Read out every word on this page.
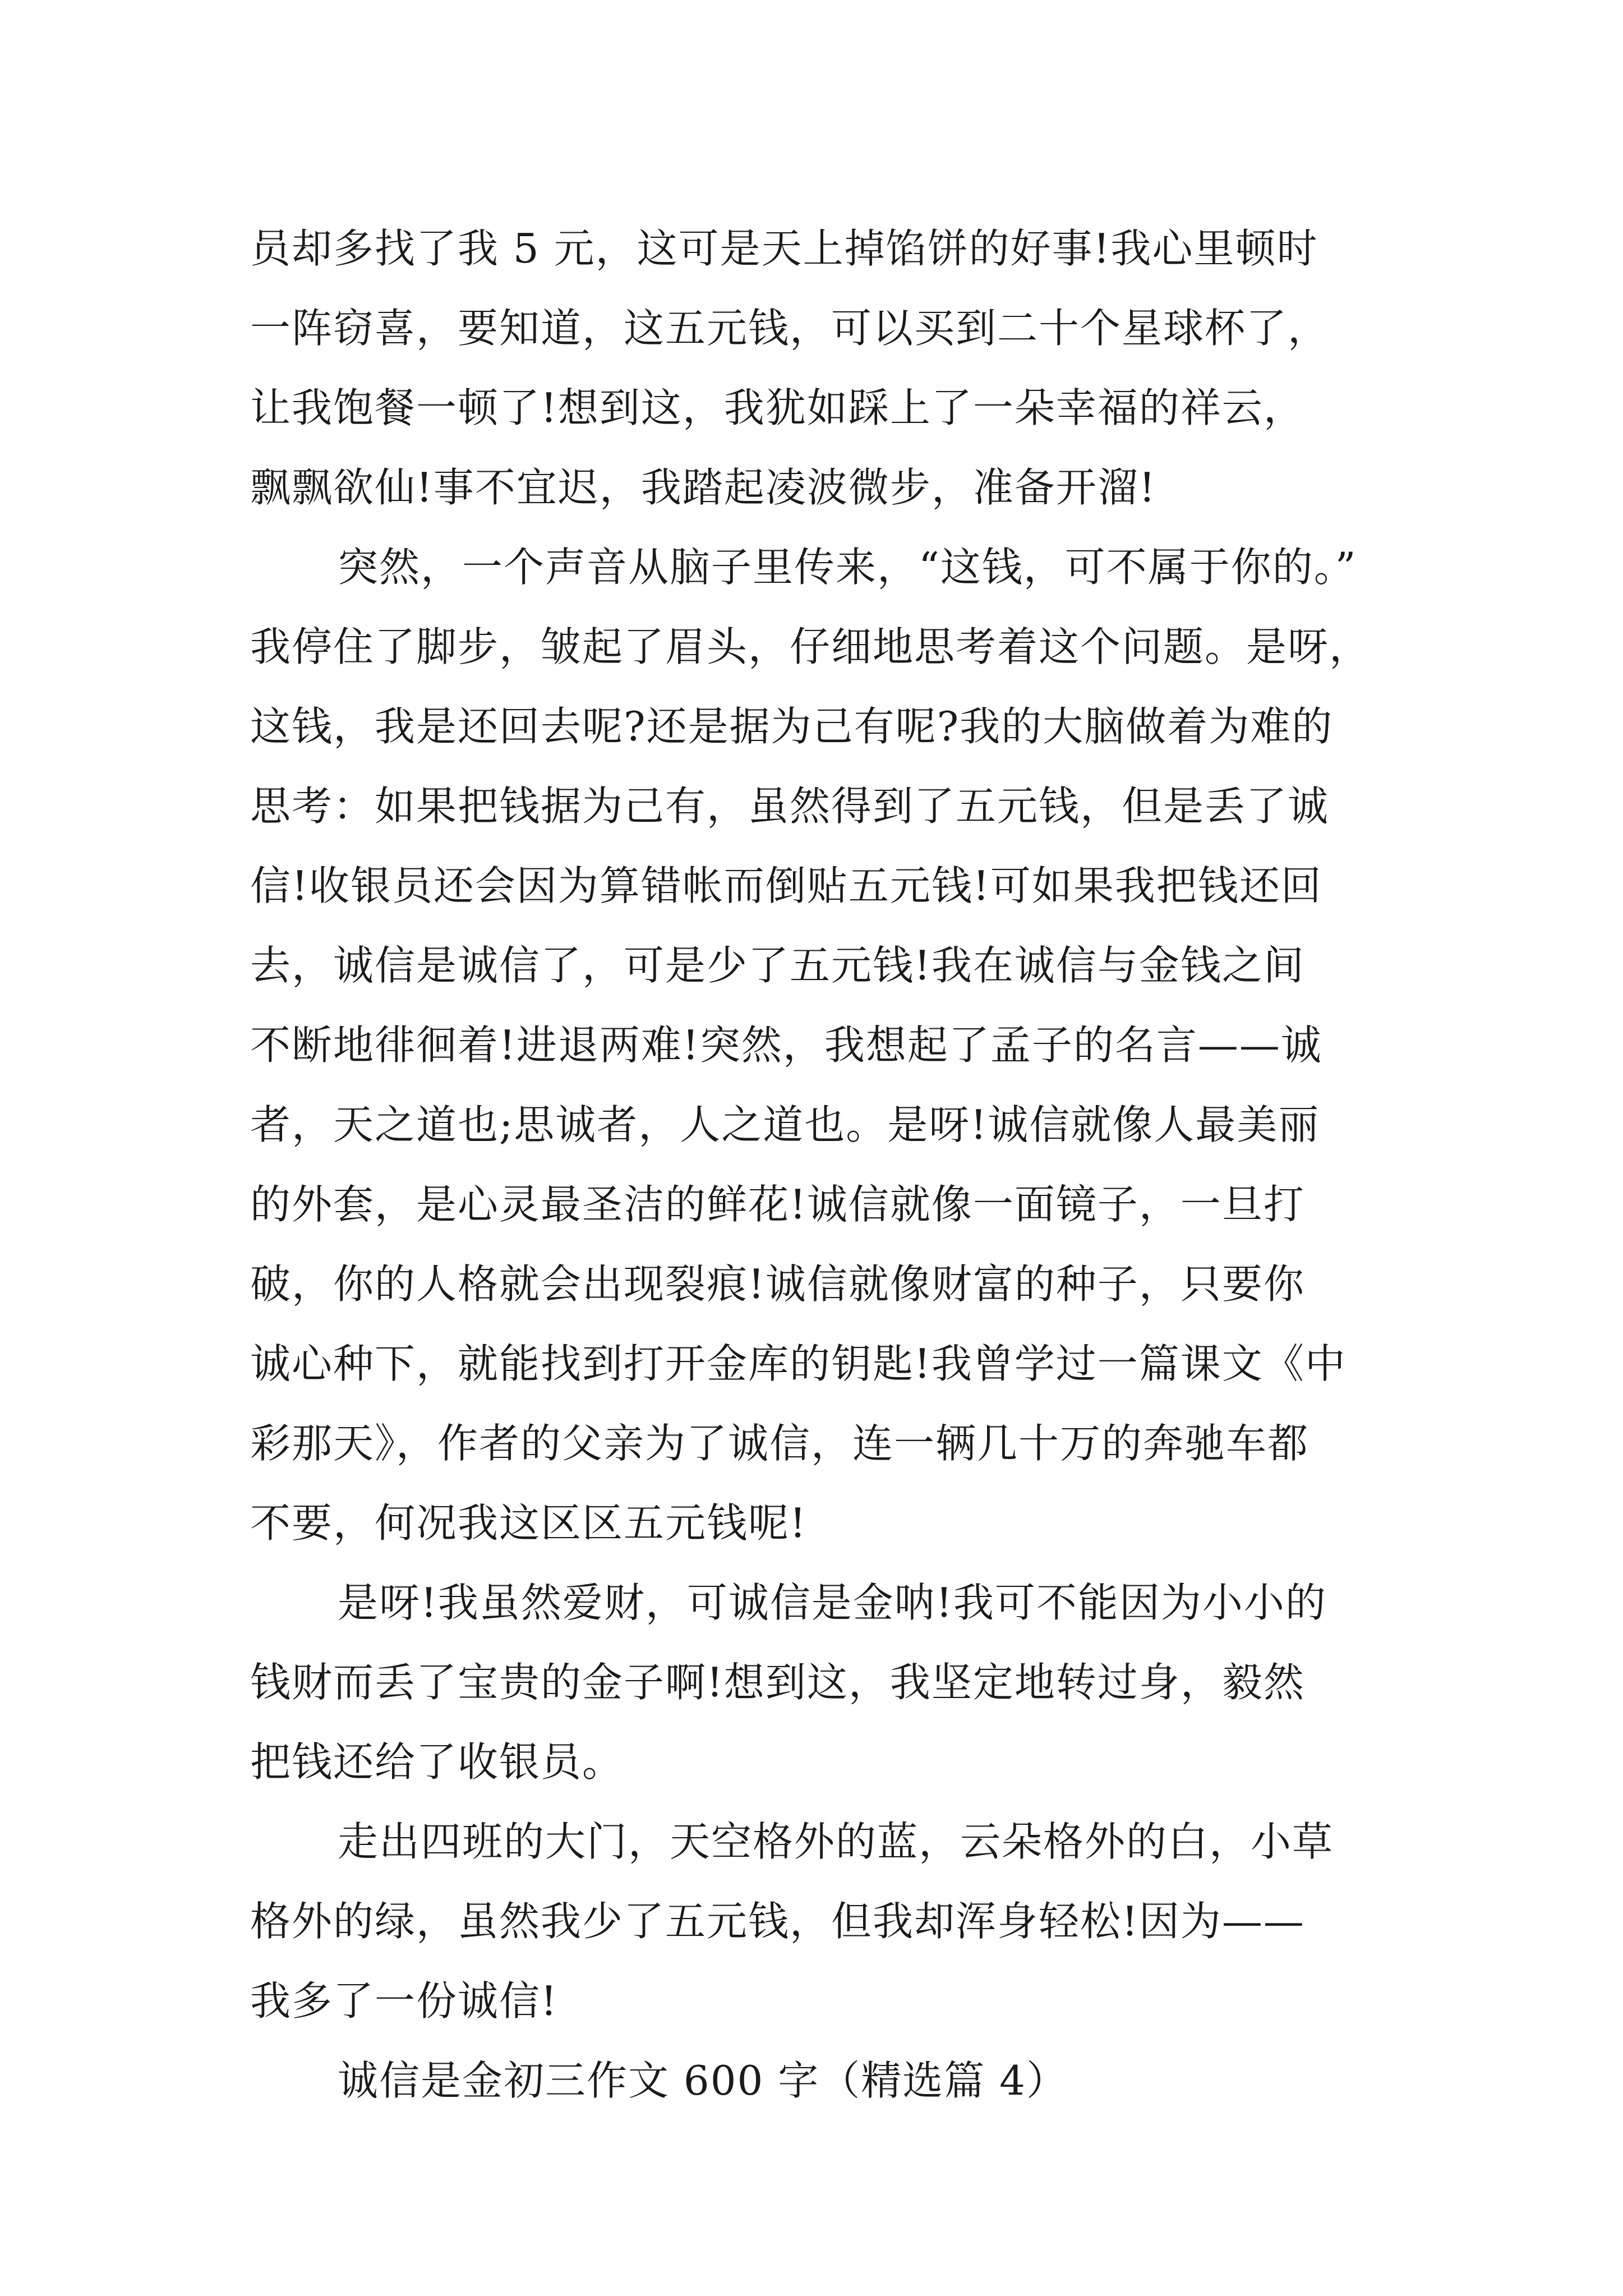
员却多找了我 5 元，这可是天上掉馅饼的好事!我心里顿时
一阵窃喜，要知道，这五元钱，可以买到二十个星球杯了，
让我饱餐一顿了!想到这，我犹如踩上了一朵幸福的祥云，
飘飘欲仙!事不宜迟，我踏起凌波微步，准备开溜!
突然，一个声音从脑子里传来，“这钱，可不属于你的。”
我停住了脚步，皱起了眉头，仔细地思考着这个问题。是呀，
这钱，我是还回去呢?还是据为己有呢?我的大脑做着为难的
思考：如果把钱据为己有，虽然得到了五元钱，但是丢了诚
信!收银员还会因为算错帐而倒贴五元钱!可如果我把钱还回
去，诚信是诚信了，可是少了五元钱!我在诚信与金钱之间
不断地徘徊着!进退两难!突然，我想起了孟子的名言——诚
者，天之道也;思诚者，人之道也。是呀!诚信就像人最美丽
的外套，是心灵最圣洁的鲜花!诚信就像一面镜子，一旦打
破，你的人格就会出现裂痕!诚信就像财富的种子，只要你
诚心种下，就能找到打开金库的钥匙!我曾学过一篇课文《中
彩那天》，作者的父亲为了诚信，连一辆几十万的奔驰车都
不要，何况我这区区五元钱呢!
是呀!我虽然爱财，可诚信是金呐!我可不能因为小小的
钱财而丢了宝贵的金子啊!想到这，我坚定地转过身，毅然
把钱还给了收银员。
走出四班的大门，天空格外的蓝，云朵格外的白，小草
格外的绿，虽然我少了五元钱，但我却浑身轻松!因为——
我多了一份诚信!
诚信是金初三作文 600 字（精选篇 4）
